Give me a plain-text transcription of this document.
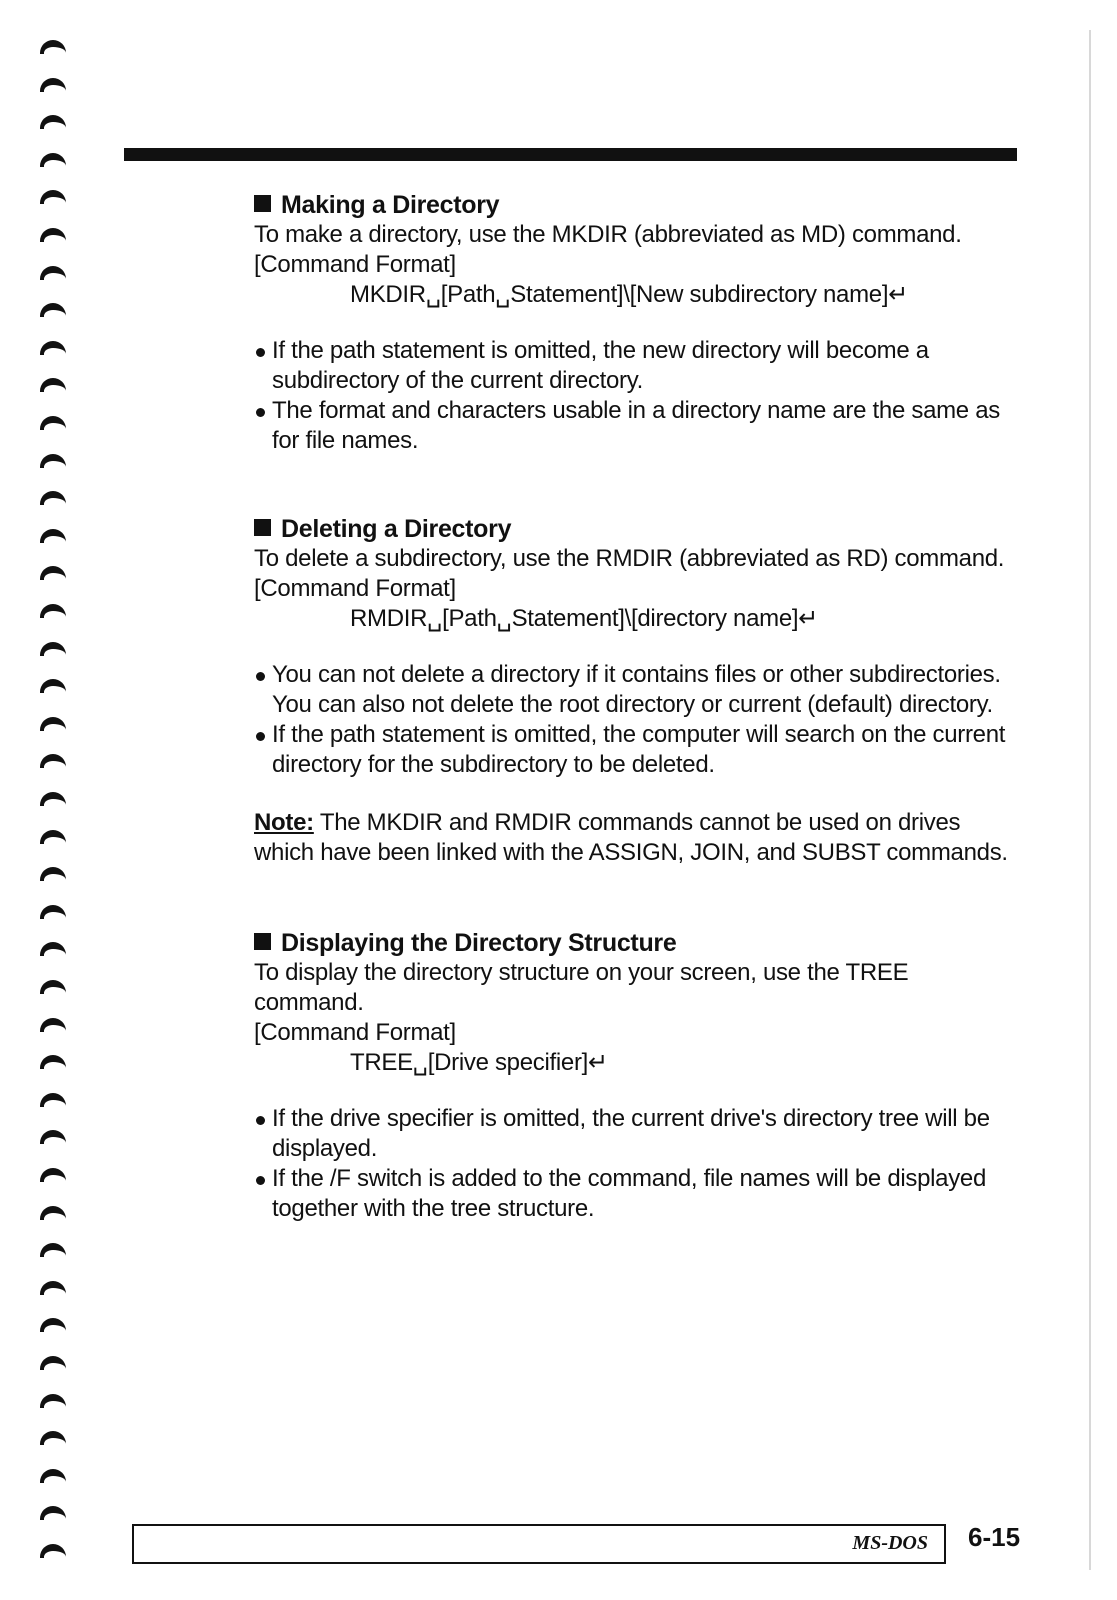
Making a Directory

To make a directory, use the MKDIR (abbreviated as MD) command.

[Command Format]

MKDIR␣[Path␣Statement]\[New subdirectory name]↵

If the path statement is omitted, the new directory will become a subdirectory of the current directory.
The format and characters usable in a directory name are the same as for file names.

Deleting a Directory

To delete a subdirectory, use the RMDIR (abbreviated as RD) command.

[Command Format]

RMDIR␣[Path␣Statement]\[directory name]↵

You can not delete a directory if it contains files or other subdirectories. You can also not delete the root directory or current (default) directory.
If the path statement is omitted, the computer will search on the current directory for the subdirectory to be deleted.
Note: The MKDIR and RMDIR commands cannot be used on drives which have been linked with the ASSIGN, JOIN, and SUBST commands.

Displaying the Directory Structure

To display the directory structure on your screen, use the TREE command.

[Command Format]

TREE␣[Drive specifier]↵

If the drive specifier is omitted, the current drive's directory tree will be displayed.
If the /F switch is added to the command, file names will be displayed together with the tree structure.
MS-DOS 6-15
